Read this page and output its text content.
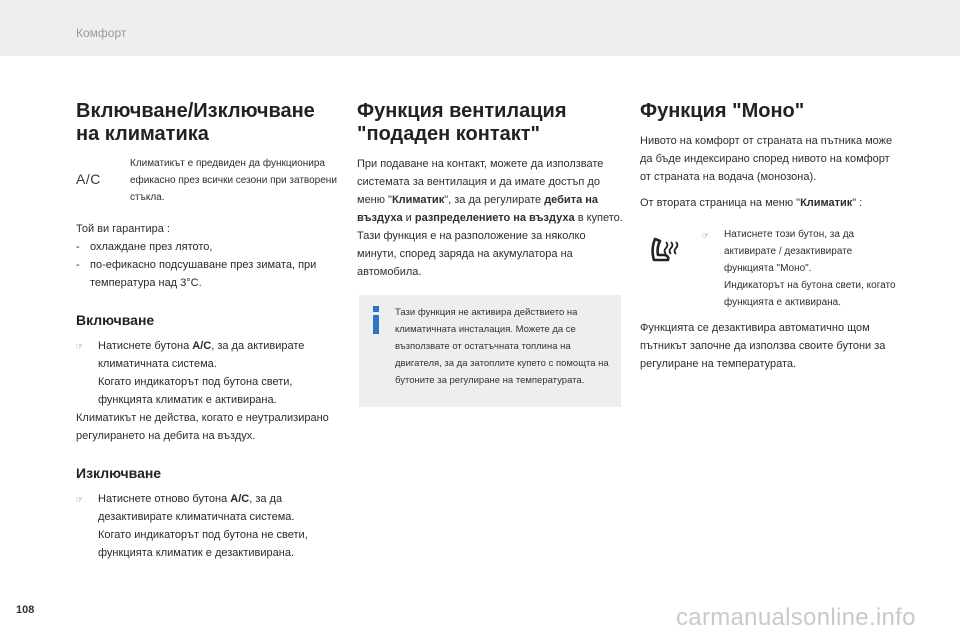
Комфорт
Включване/Изключване на климатика
A/C

Климатикът е предвиден да функционира ефикасно през всички сезони при затворени стъкла.

Той ви гарантира :

- охлаждане през лятото,
- по-ефикасно подсушаване през зимата, при температура над 3°C.
Включване
☞	Натиснете бутона A/C, за да активирате климатичната система.
Когато индикаторът под бутона свети, функцията климатик е активирана.

Климатикът не действа, когато е неутрализирано регулирането на дебита на въздух.

Изключване
☞	Натиснете отново бутона A/C, за да дезактивирате климатичната система.
Когато индикаторът под бутона не свети, функцията климатик е дезактивирана.
Функция вентилация "подаден контакт"

При подаване на контакт, можете да използвате системата за вентилация и да имате достъп до меню "Климатик", за да регулирате дебита на въздуха и разпределението на въздуха в купето.

Тази функция е на разположение за няколко минути, според заряда на акумулатора на автомобила.

Тази функция не активира действието на климатичната инсталация. Можете да се възползвате от остатъчната топлина на двигателя, за да затоплите купето с помощта на бутоните за регулиране на температурата.
Функция "Моно"

Нивото на комфорт от страната на пътника може да бъде индексирано според нивото на комфорт от страната на водача (монозона).

От втората страница на меню "Климатик" :

☞	Натиснете този бутон, за да активирате / дезактивирате функцията "Моно".
Индикаторът на бутона свети, когато функцията е активирана.

Функцията се дезактивира автоматично щом пътникът започне да използва своите бутони за регулиране на температурата.

108	carmanualsonline.info
